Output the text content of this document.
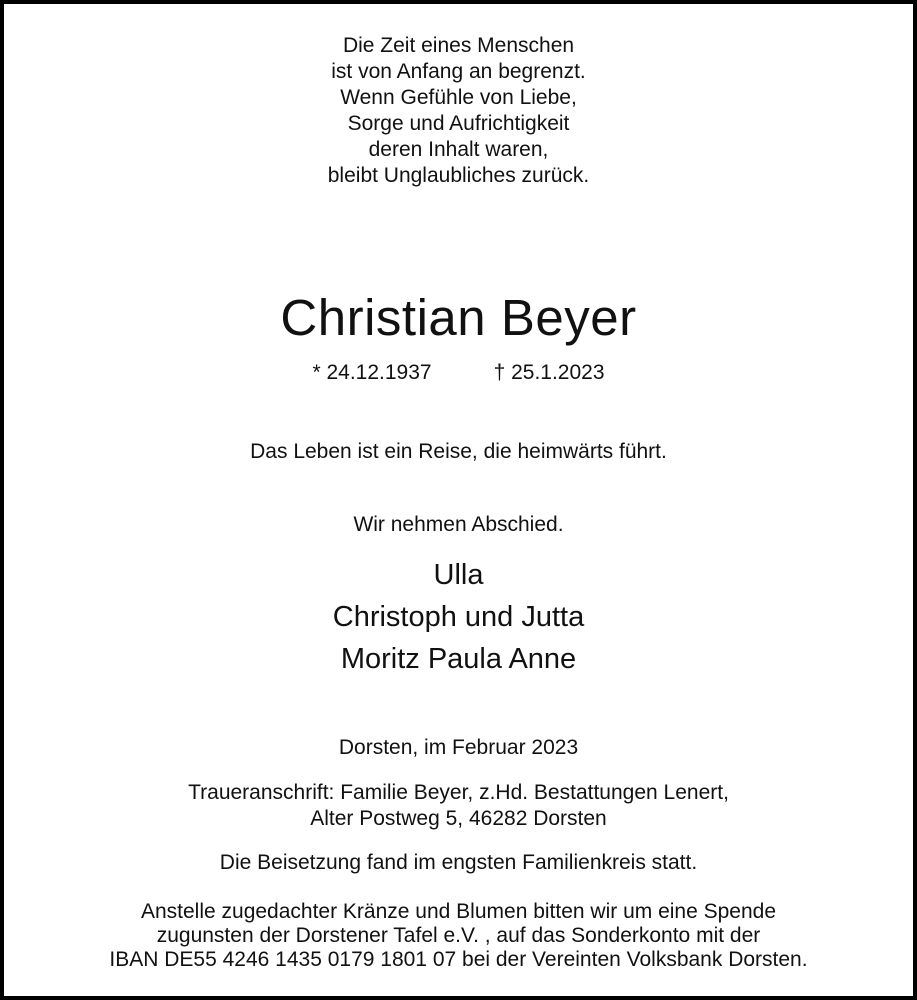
Die Zeit eines Menschen
ist von Anfang an begrenzt.
Wenn Gefühle von Liebe,
Sorge und Aufrichtigkeit
deren Inhalt waren,
bleibt Unglaubliches zurück.
Christian Beyer
* 24.12.1937	† 25.1.2023
Das Leben ist ein Reise, die heimwärts führt.
Wir nehmen Abschied.
Ulla
Christoph und Jutta
Moritz Paula Anne
Dorsten, im Februar 2023
Traueranschrift: Familie Beyer, z.Hd. Bestattungen Lenert,
Alter Postweg 5, 46282 Dorsten
Die Beisetzung fand im engsten Familienkreis statt.
Anstelle zugedachter Kränze und Blumen bitten wir um eine Spende
zugunsten der Dorstener Tafel e.V. , auf das Sonderkonto mit der
IBAN DE55 4246 1435 0179 1801 07 bei der Vereinten Volksbank Dorsten.
